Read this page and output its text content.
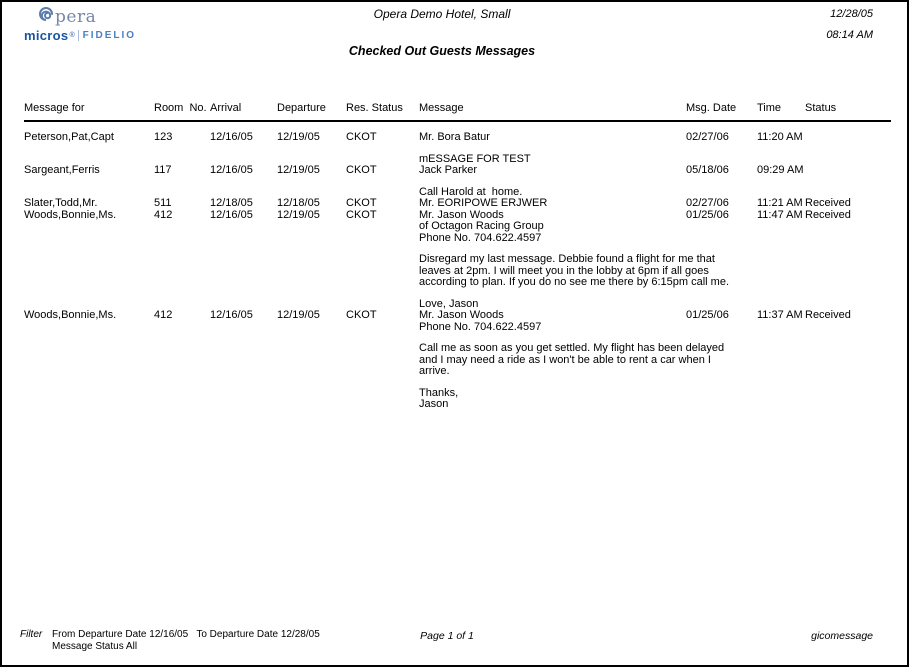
pera
micros ® FIDELIO
Opera Demo Hotel, Small	12/28/05
08:14 AM
Checked Out Guests Messages
Message for	Room  No. Arrival	Departure	Res. Status	Message	Msg. Date	Time	Status
Peterson,Pat,Capt	123	12/16/05	12/19/05	CKOT	Mr. Bora Batur	02/27/06	11:20 AM
mESSAGE FOR TEST
Sargeant,Ferris	117	12/16/05	12/19/05	CKOT	Jack Parker	05/18/06	09:29 AM
Call Harold at  home.
Slater,Todd,Mr.	511	12/18/05	12/18/05	CKOT	Mr. EORIPOWE ERJWER	02/27/06	11:21 AM Received
Woods,Bonnie,Ms.	412	12/16/05	12/19/05	CKOT	Mr. Jason Woods	01/25/06	11:47 AM Received
of Octagon Racing Group
Phone No. 704.622.4597
Disregard my last message. Debbie found a flight for me that
leaves at 2pm. I will meet you in the lobby at 6pm if all goes
according to plan. If you do no see me there by 6:15pm call me.
Love, Jason
Woods,Bonnie,Ms.	412	12/16/05	12/19/05	CKOT	Mr. Jason Woods	01/25/06	11:37 AM Received
Phone No. 704.622.4597
Call me as soon as you get settled. My flight has been delayed
and I may need a ride as I won't be able to rent a car when I
arrive.
Thanks,
Jason
Filter From Departure Date 12/16/05   To Departure Date 12/28/05
Message Status All
Page 1 of 1	gicomessage
